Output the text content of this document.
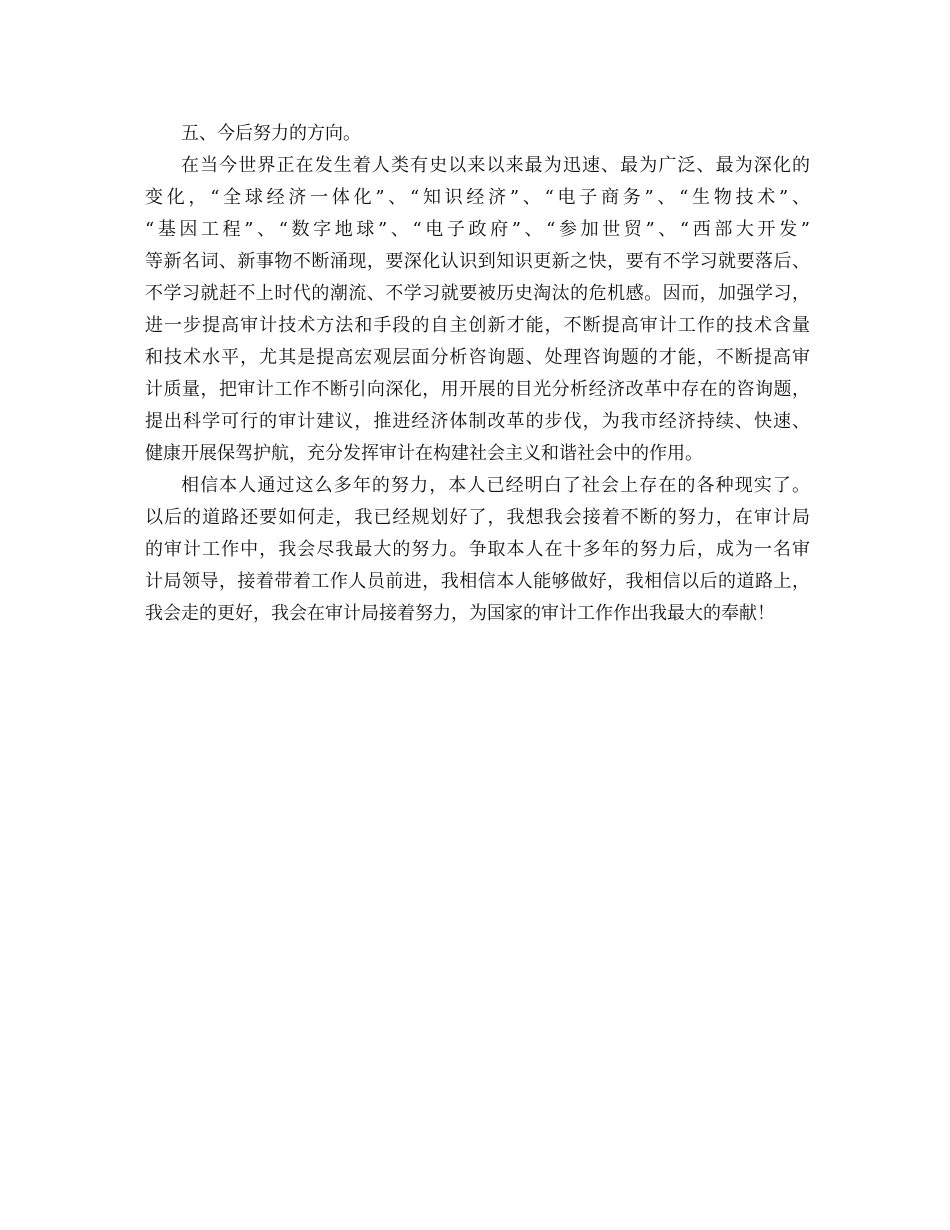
五、今后努力的方向。
在当今世界正在发生着人类有史以来以来最为迅速、最为广泛、最为深化的
变化，“全球经济一体化”、“知识经济”、“电子商务”、“生物技术”、
“基因工程”、“数字地球”、“电子政府”、“参加世贸”、“西部大开发”
等新名词、新事物不断涌现，要深化认识到知识更新之快，要有不学习就要落后、
不学习就赶不上时代的潮流、不学习就要被历史淘汰的危机感。因而，加强学习，
进一步提高审计技术方法和手段的自主创新才能，不断提高审计工作的技术含量
和技术水平，尤其是提高宏观层面分析咨询题、处理咨询题的才能，不断提高审
计质量，把审计工作不断引向深化，用开展的目光分析经济改革中存在的咨询题，
提出科学可行的审计建议，推进经济体制改革的步伐，为我市经济持续、快速、
健康开展保驾护航，充分发挥审计在构建社会主义和谐社会中的作用。
相信本人通过这么多年的努力，本人已经明白了社会上存在的各种现实了。
以后的道路还要如何走，我已经规划好了，我想我会接着不断的努力，在审计局
的审计工作中，我会尽我最大的努力。争取本人在十多年的努力后，成为一名审
计局领导，接着带着工作人员前进，我相信本人能够做好，我相信以后的道路上，
我会走的更好，我会在审计局接着努力，为国家的审计工作作出我最大的奉献！
